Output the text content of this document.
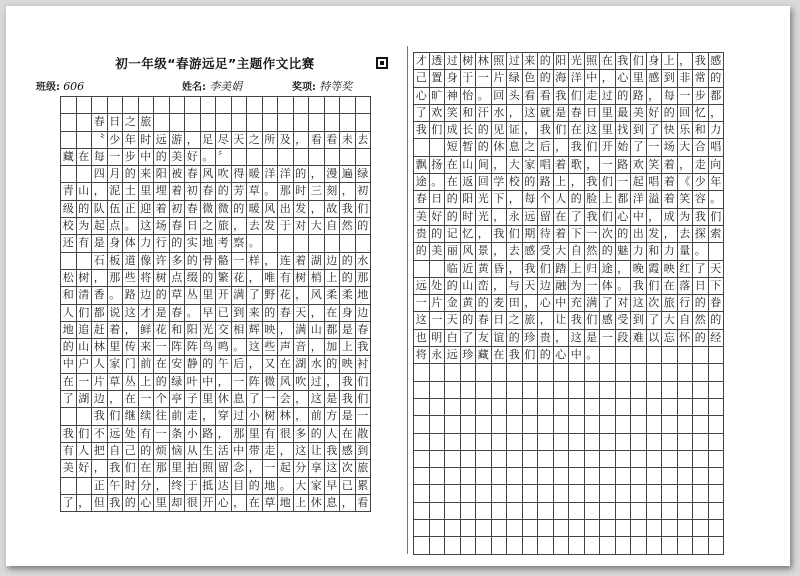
初一年级“春游远足”主题作文比赛
班级: 606	姓名: 李美娟	奖项: 特等奖
春 日 之 旅
〝 少 年 时 远 游 ， 足 尽 天 之 所 及 ， 看 看 未 去
藏 在 每 一 步 中 的 美 好 。 〞
四 月 的 来 阳 被 春 风 吹 得 暖 洋 洋 的 ， 漫 遍 绿
青 山 ， 泥 土 里 埋 着 初 春 的 芳 草 。 那 时 三 刻 ， 初
级 的 队 伍 正 迎 着 初 春 微 微 的 暖 风 出 发 ， 故 我 们
校 为 起 点 。 这 场 春 日 之 旅 ， 去 发 于 对 大 自 然 的
还 有 是 身 体 力 行 的 实 地 考 察 。
石 板 道 像 许 多 的 骨 骼 一 样 ， 连 着 湖 边 的 水
松 树 ， 那 些 将 树 点 缀 的 繁 花 ， 唯 有 树 梢 上 的 那
和 清 香 。 路 边 的 草 丛 里 开 满 了 野 花 ， 风 柔 柔 地
人 们 都 说 这 才 是 春 。 早 已 到 来 的 春 天 ， 在 身 边
地 追 赶 着 ， 鲜 花 和 阳 光 交 相 辉 映 ， 满 山 都 是 春
的 山 林 里 传 来 一 阵 阵 鸟 鸣 。 这 些 声 音 ， 加 上 我
中 户 人 家 门 前 在 安 静 的 午 后 ， 又 在 湖 水 的 映 衬
在 一 片 草 丛 上 的 绿 叶 中 ， 一 阵 微 风 吹 过 ， 我 们
了 湖 边 ， 在 一 个 亭 子 里 休 息 了 一 会 ， 这 是 我 们
我 们 继 续 往 前 走 ， 穿 过 小 树 林 ， 前 方 是 一
我 们 不 远 处 有 一 条 小 路 ， 那 里 有 很 多 的 人 在 散
有 人 把 自 己 的 烦 恼 从 生 活 中 带 走 ， 这 让 我 感 到
美 好 ， 我 们 在 那 里 拍 照 留 念 ， 一 起 分 享 这 次 旅
正 午 时 分 ， 终 于 抵 达 目 的 地 。 大 家 早 已 累
了 ， 但 我 的 心 里 却 很 开 心 ， 在 草 地 上 休 息 ， 看
才 透 过 树 林 照 过 来 的 阳 光 照 在 我 们 身 上 ， 我 感
己 置 身 于 一 片 绿 色 的 海 洋 中 ， 心 里 感 到 非 常 的
心 旷 神 怡 。 回 头 看 看 我 们 走 过 的 路 ， 每 一 步 都
了 欢 笑 和 汗 水 ， 这 就 是 春 日 里 最 美 好 的 回 忆 ，
我 们 成 长 的 见 证 ， 我 们 在 这 里 找 到 了 快 乐 和 力
短 暂 的 休 息 之 后 ， 我 们 开 始 了 一 场 大 合 唱
飘 扬 在 山 间 ， 大 家 唱 着 歌 ， 一 路 欢 笑 着 ， 走 向
途 。 在 返 回 学 校 的 路 上 ， 我 们 一 起 唱 着 《 少 年
春 日 的 阳 光 下 ， 每 个 人 的 脸 上 都 洋 溢 着 笑 容 。
美 好 的 时 光 ， 永 远 留 在 了 我 们 心 中 ， 成 为 我 们
贵 的 记 忆 ， 我 们 期 待 着 下 一 次 的 出 发 ， 去 探 索
的 美 丽 风 景 ， 去 感 受 大 自 然 的 魅 力 和 力 量 。
临 近 黄 昏 ， 我 们 踏 上 归 途 ， 晚 霞 映 红 了 天
远 处 的 山 峦 ， 与 天 边 融 为 一 体 。 我 们 在 落 日 下
一 片 金 黄 的 麦 田 ， 心 中 充 满 了 对 这 次 旅 行 的 眷
这 一 天 的 春 日 之 旅 ， 让 我 们 感 受 到 了 大 自 然 的
也 明 白 了 友 谊 的 珍 贵 ， 这 是 一 段 难 以 忘 怀 的 经
将 永 远 珍 藏 在 我 们 的 心 中 。
